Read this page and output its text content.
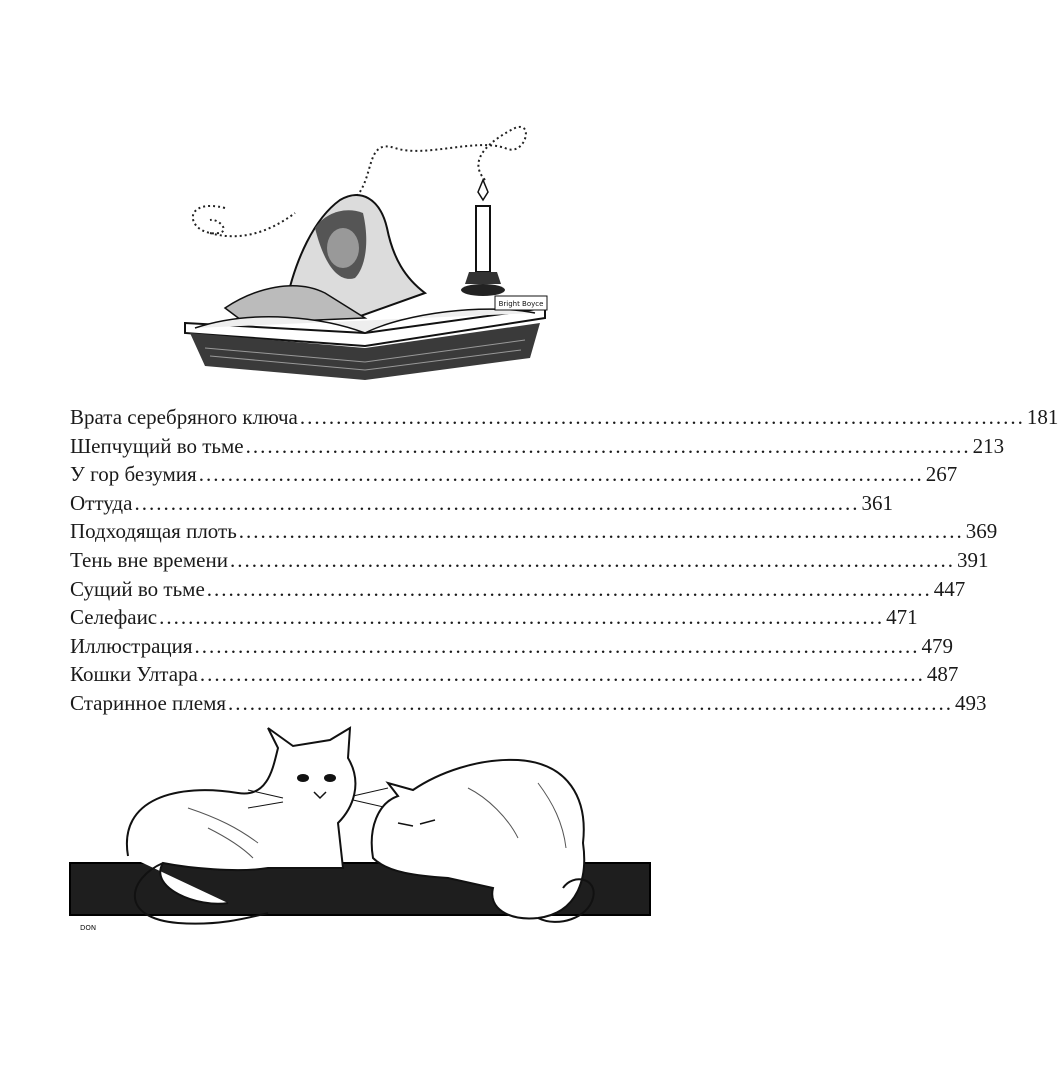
Bright Boyce
Врата серебряного ключа .................................................................................................... 181
Шепчущий во тьме .................................................................................................... 213
У гор безумия .................................................................................................... 267
Оттуда .................................................................................................... 361
Подходящая плоть .................................................................................................... 369
Тень вне времени .................................................................................................... 391
Сущий во тьме .................................................................................................... 447
Селефаис .................................................................................................... 471
Иллюстрация .................................................................................................... 479
Кошки Ултара .................................................................................................... 487
Старинное племя .................................................................................................... 493
DON
